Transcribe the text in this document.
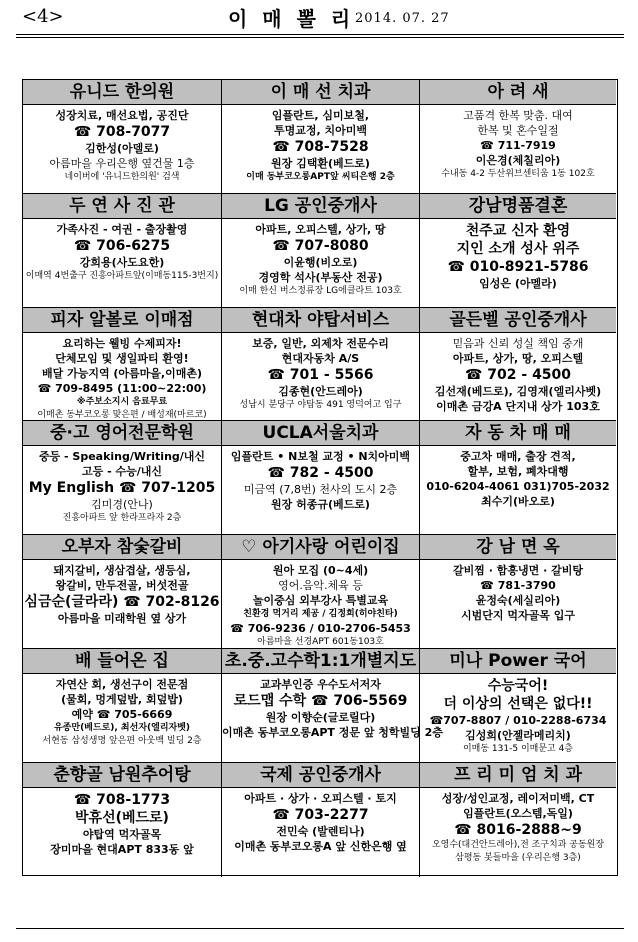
<4>	이 매 뽈 리 2014. 07. 27
유니드 한의원
성장치료, 매선요법, 공진단
☎ 708-7077
김한성(아델로)
아름마을 우리은행 옆건물 1층
네이버에 '유니드한의원' 검색
이 매 선 치과
임플란트, 심미보철,
투명교정, 치아미백
☎ 708-7528
원장 김택환(베드로)
이매 동부코오롱APT앞 씨티은행 2층
아 려 새
고품격 한복 맞춤. 대여
한복 및 혼수일절
☎ 711-7919
이은경(체칠리아)
수내동 4-2 두산위브센티움 1동 102호
두 연 사 진 관
가족사진 - 여권 - 출장촬영
☎ 706-6275
강희용(사도요한)
이매역 4번출구 진흥아파트앞(이매동115-3번지)
LG 공인중개사
아파트, 오피스텔, 상가, 땅
☎ 707-8080
이윤행(비오로)
경영학 석사(부동산 전공)
이매 한신 버스정류장 LG에클라트 103호
강남명품결혼
천주교 신자 환영
지인 소개 성사 위주
☎ 010-8921-5786
임성은 (아멜라)
피자 알볼로 이매점
요리하는 웰빙 수제피자!
단체모임 및 생일파티 환영!
배달 가능지역 (아름마을,이매촌)
☎ 709-8495 (11:00~22:00)
※주보소지시 음료무료
이매촌 동부코오롱 맞은편 / 배성재(마르코)
현대차 야탑서비스
보증, 일반, 외제차 전문수리
현대자동차 A/S
☎ 701 - 5566
김종현(안드레아)
성남시 분당구 야탑동 491 영덕여고 입구
골든벨 공인중개사
믿음과 신뢰 성실 책임 중개
아파트, 상가, 땅, 오피스텔
☎ 702 - 4500
김선재(베드로), 김영재(엘리사벳)
이매촌 금강A 단지내 상가 103호
중·고 영어전문학원
중등 - Speaking/Writing/내신
고등 - 수능/내신
My English ☎ 707-1205
김미경(안나)
진흥아파트 앞 한라프라자 2층
UCLA서울치과
임플란트 • N보철 교정 • N치아미백
☎ 782 - 4500
미금역 (7,8번) 천사의 도시 2층
원장 허종규(베드로)
자 동 차 매 매
중고차 매매, 출장 견적,
할부, 보험, 폐차대행
010-6204-4061 031)705-2032
최수기(바오로)
오부자 참숯갈비
돼지갈비, 생삼겹살, 생등심,
왕갈비, 만두전골, 버섯전골
심금순(글라라) ☎ 702-8126
아름마을 미래학원 옆 상가
♡ 아기사랑 어린이집
원아 모집 (0~4세)
영어.음악.체육 등
놀이중심 외부강사 특별교육
친환경 먹거리 제공 / 김정희(히야친타)
☎ 706-9236 / 010-2706-5453
아름마을 선경APT 601동103호
강 남 면 옥
갈비찜 · 함흥냉면 · 갈비탕
☎ 781-3790
윤정숙(세실리아)
시범단지 먹자골목 입구
배 들어온 집
자연산 회, 생선구이 전문점
(물회, 멍게덮밥, 회덮밥)
예약 ☎ 705-6669
유종만(베드로), 최선자(엘리자벳)
서현동 삼성생명 앞은편 아웃백 빌딩 2층
초.중.고수학1:1개별지도
교과부인증 우수도서저자
로드맵 수학 ☎ 706-5569
원장 이향순(글로릴다)
이매촌 동부코오롱APT 정문 앞 청학빌딩 2층
미나 Power 국어
수능국어!
더 이상의 선택은 없다!!
☎707-8807 / 010-2288-6734
김성희(안젤라메리치)
이매동 131-5 이매문고 4층
춘향골 남원추어탕
☎ 708-1773
박휴선(베드로)
야탑역 먹자골목
장미마을 현대APT 833동 앞
국제 공인중개사
아파트 · 상가 · 오피스텔 · 토지
☎ 703-2277
전민숙 (발렌티나)
이매촌 동부코오롱A 앞 신한은행 옆
프 리 미 엄 치 과
성장/성인교정, 레이저미백, CT
임플란트(오스템,독일)
☎ 8016-2888~9
오영수(대건안드레아),전 조구치과 공동원장
삼평동 봇들마을 (우리은행 3층)
